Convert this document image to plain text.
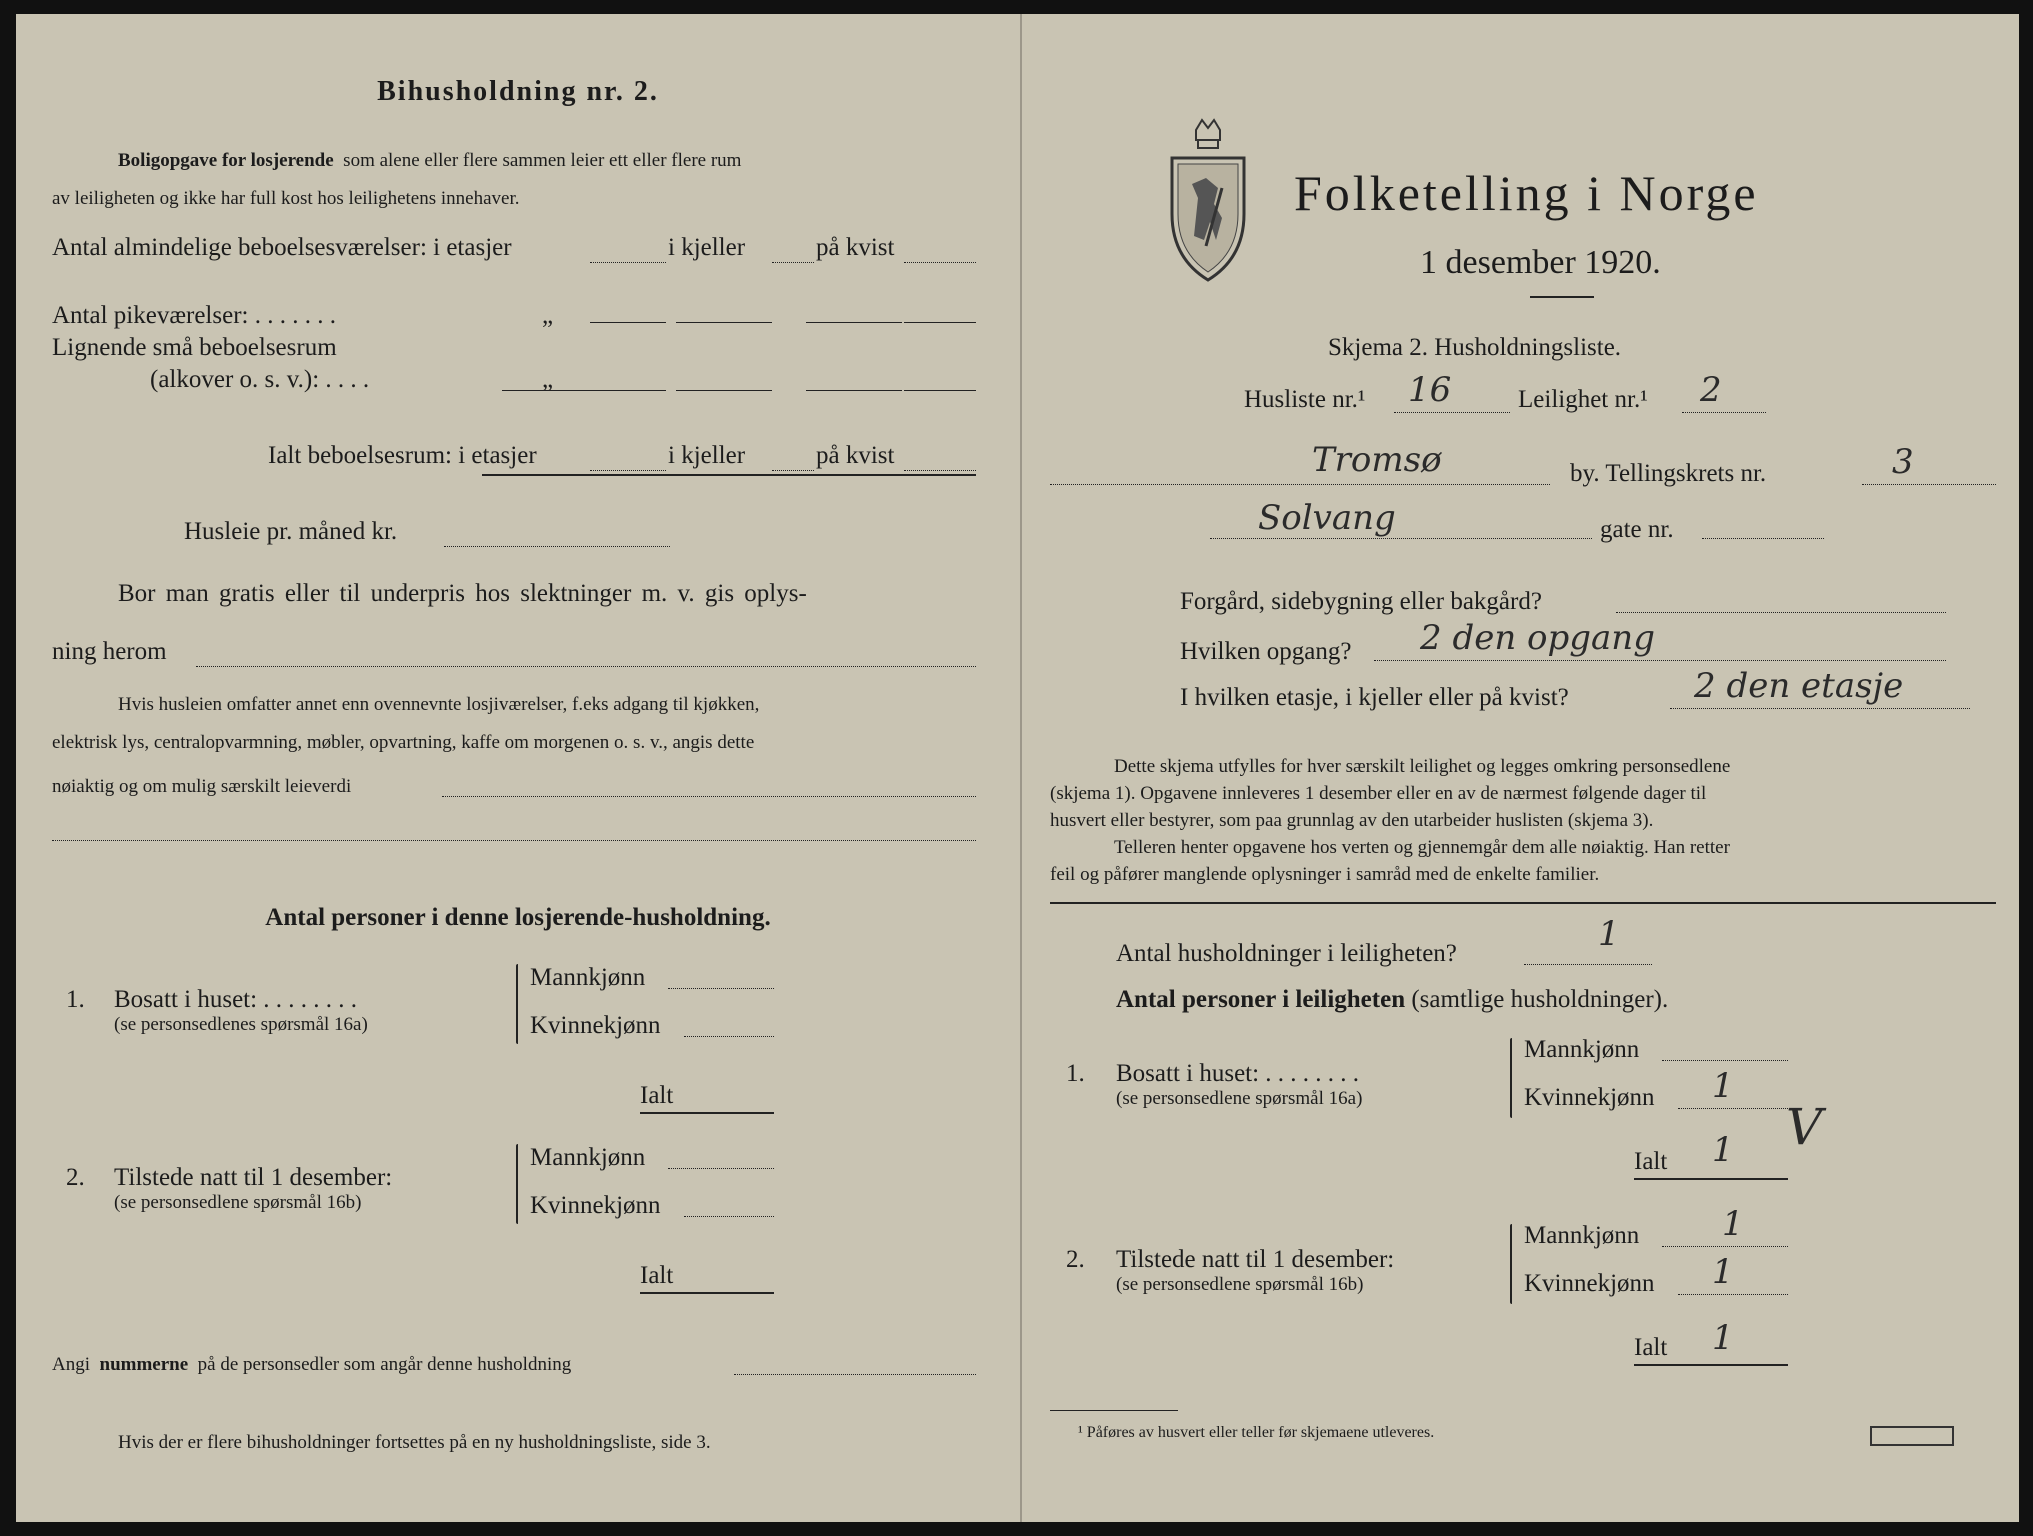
Bihusholdning nr. 2.
Boligopgave for losjerende som alene eller flere sammen leier ett eller flere rum
av leiligheten og ikke har full kost hos leilighetens innehaver.
Antal almindelige beboelsesværelser: i etasjer	i kjeller	på kvist
Antal pikeværelser: . . . . . . .	„
Lignende små beboelsesrum
(alkover o. s. v.): . . . .	„
Ialt beboelsesrum: i etasjer	i kjeller	på kvist
Husleie pr. måned kr.
Bor man gratis eller til underpris hos slektninger m. v. gis oplys-
ning herom
Hvis husleien omfatter annet enn ovennevnte losjiværelser, f.eks adgang til kjøkken,
elektrisk lys, centralopvarmning, møbler, opvartning, kaffe om morgenen o. s. v., angis dette
nøiaktig og om mulig særskilt leieverdi
Antal personer i denne losjerende-husholdning.
1. Bosatt i huset: . . . . . . . .
(se personsedlenes spørsmål 16a)
Mannkjønn
Kvinnekjønn
Ialt
2. Tilstede natt til 1 desember:
(se personsedlene spørsmål 16b)
Mannkjønn
Kvinnekjønn
Ialt
Angi nummerne på de personsedler som angår denne husholdning
Hvis der er flere bihusholdninger fortsettes på en ny husholdningsliste, side 3.
Folketelling i Norge
1 desember 1920.
Skjema 2. Husholdningsliste.
Husliste nr.¹ 16	Leilighet nr.¹ 2
Tromsø	by. Tellingskrets nr.	3
Solvang	gate nr.
Forgård, sidebygning eller bakgård?
Hvilken opgang? 2 den opgang
I hvilken etasje, i kjeller eller på kvist?	2 den etasje
Dette skjema utfylles for hver særskilt leilighet og legges omkring personsedlene
(skjema 1). Opgavene innleveres 1 desember eller en av de nærmest følgende dager til
husvert eller bestyrer, som paa grunnlag av den utarbeider huslisten (skjema 3).
Telleren henter opgavene hos verten og gjennemgår dem alle nøiaktig. Han retter
feil og påfører manglende oplysninger i samråd med de enkelte familier.
Antal husholdninger i leiligheten?	1
Antal personer i leiligheten (samtlige husholdninger).
1. Bosatt i huset: . . . . . . . .
(se personsedlene spørsmål 16a)
Mannkjønn
Kvinnekjønn 1
V
Ialt 1
2. Tilstede natt til 1 desember:
(se personsedlene spørsmål 16b)
Mannkjønn 1
Kvinnekjønn 1
Ialt 1
¹ Påføres av husvert eller teller før skjemaene utleveres.
